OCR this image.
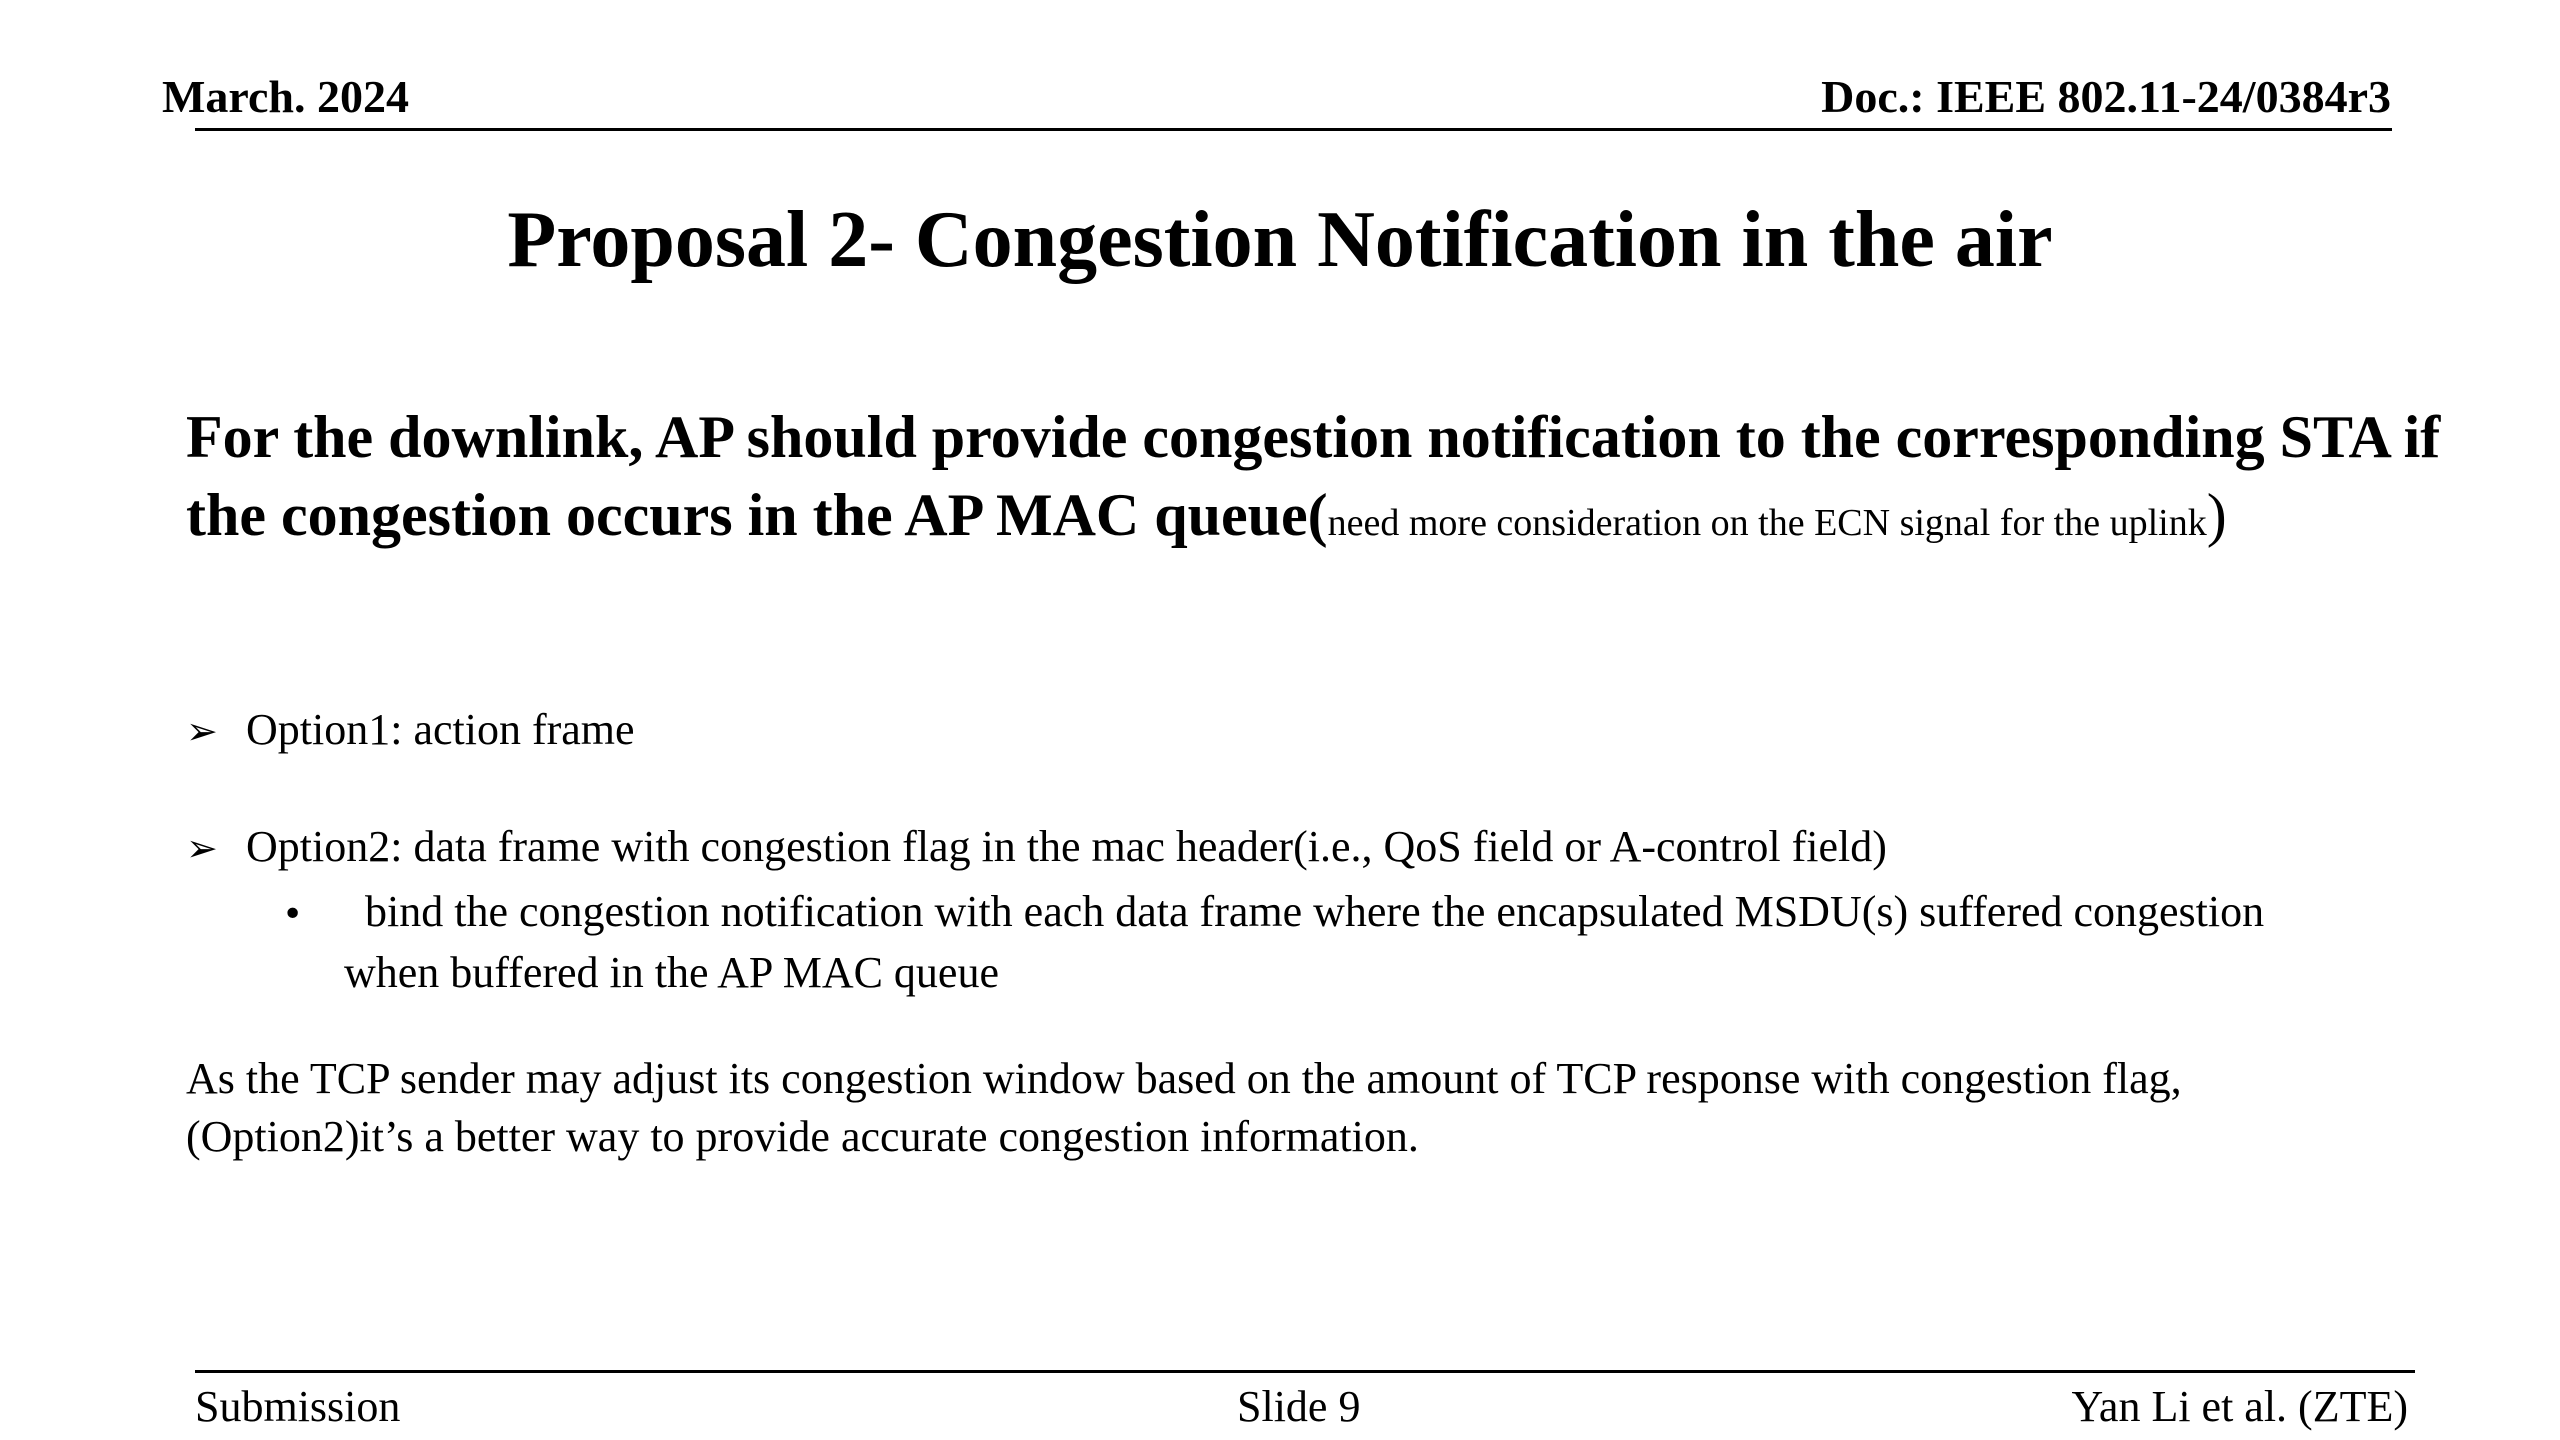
March. 2024	Doc.: IEEE 802.11-24/0384r3
Proposal 2- Congestion Notification in the air
For the downlink, AP should provide congestion notification to the corresponding STA if the congestion occurs in the AP MAC queue(need more consideration on the ECN signal for the uplink)
➢ Option1: action frame
➢ Option2: data frame with congestion flag in the mac header(i.e., QoS field or A-control field)
• bind the congestion notification with each data frame where the encapsulated MSDU(s) suffered congestion
when buffered in the AP MAC queue
As the TCP sender may adjust its congestion window based on the amount of TCP response with congestion flag,
(Option2)it’s a better way to provide accurate congestion information.
Submission	Slide 9	Yan Li et al. (ZTE)
